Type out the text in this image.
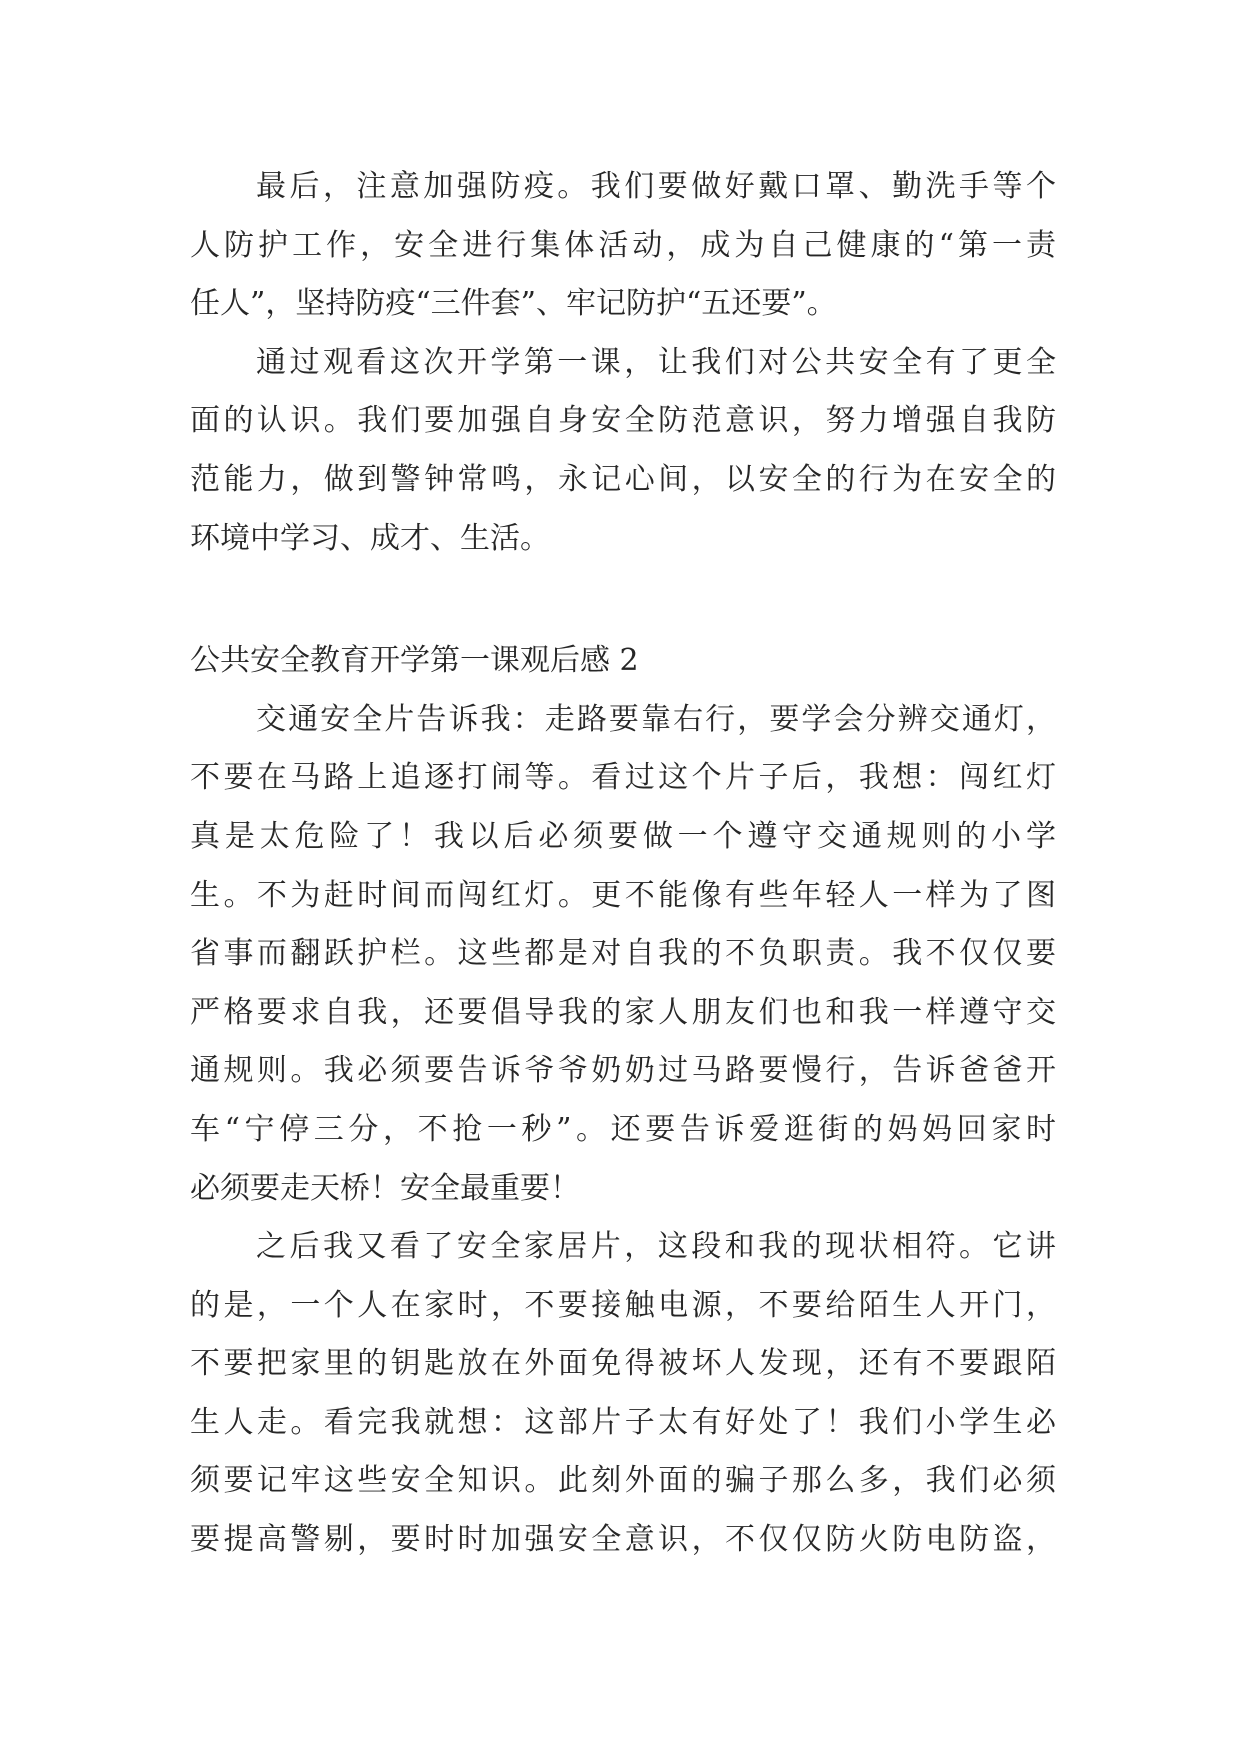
最后，注意加强防疫。我们要做好戴口罩、勤洗手等个
人防护工作，安全进行集体活动，成为自己健康的“第一责
任人”，坚持防疫“三件套”、牢记防护“五还要”。
通过观看这次开学第一课，让我们对公共安全有了更全
面的认识。我们要加强自身安全防范意识，努力增强自我防
范能力，做到警钟常鸣，永记心间，以安全的行为在安全的
环境中学习、成才、生活。
公共安全教育开学第一课观后感 2
交通安全片告诉我：走路要靠右行，要学会分辨交通灯，
不要在马路上追逐打闹等。看过这个片子后，我想：闯红灯
真是太危险了！我以后必须要做一个遵守交通规则的小学
生。不为赶时间而闯红灯。更不能像有些年轻人一样为了图
省事而翻跃护栏。这些都是对自我的不负职责。我不仅仅要
严格要求自我，还要倡导我的家人朋友们也和我一样遵守交
通规则。我必须要告诉爷爷奶奶过马路要慢行，告诉爸爸开
车“宁停三分，不抢一秒”。还要告诉爱逛街的妈妈回家时
必须要走天桥！安全最重要！
之后我又看了安全家居片，这段和我的现状相符。它讲
的是，一个人在家时，不要接触电源，不要给陌生人开门，
不要把家里的钥匙放在外面免得被坏人发现，还有不要跟陌
生人走。看完我就想：这部片子太有好处了！我们小学生必
须要记牢这些安全知识。此刻外面的骗子那么多，我们必须
要提高警剔，要时时加强安全意识，不仅仅防火防电防盗，
